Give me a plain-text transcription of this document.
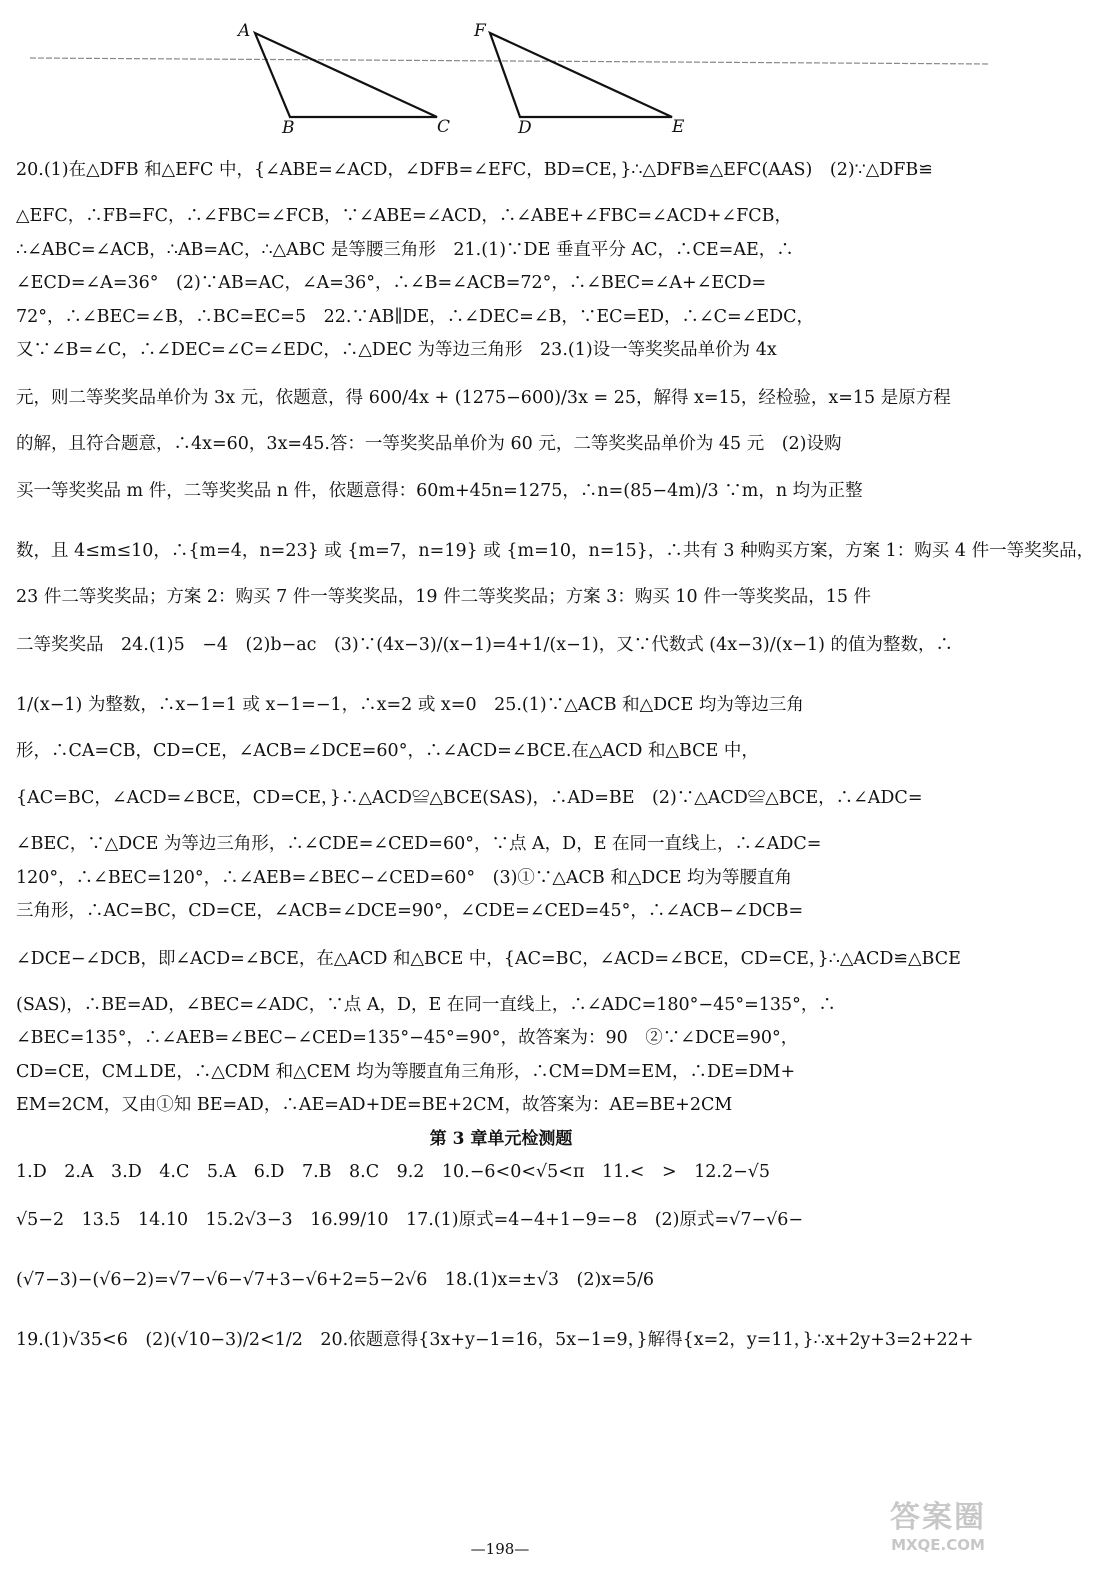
A
B	C
F
D	E
20.(1)在△DFB 和△EFC 中，{∠ABE=∠ACD，∠DFB=∠EFC，BD=CE，}∴△DFB≌△EFC(AAS)　(2)∵△DFB≌
△EFC，∴FB=FC，∴∠FBC=∠FCB，∵∠ABE=∠ACD，∴∠ABE+∠FBC=∠ACD+∠FCB，
∴∠ABC=∠ACB，∴AB=AC，∴△ABC 是等腰三角形　21.(1)∵DE 垂直平分 AC，∴CE=AE，∴
∠ECD=∠A=36°　(2)∵AB=AC，∠A=36°，∴∠B=∠ACB=72°，∴∠BEC=∠A+∠ECD=
72°，∴∠BEC=∠B，∴BC=EC=5　22.∵AB∥DE，∴∠DEC=∠B，∵EC=ED，∴∠C=∠EDC，
又∵∠B=∠C，∴∠DEC=∠C=∠EDC，∴△DEC 为等边三角形　23.(1)设一等奖奖品单价为 4x
元，则二等奖奖品单价为 3x 元，依题意，得 600/4x + (1275−600)/3x = 25，解得 x=15，经检验，x=15 是原方程
的解，且符合题意，∴4x=60，3x=45.答：一等奖奖品单价为 60 元，二等奖奖品单价为 45 元　(2)设购
买一等奖奖品 m 件，二等奖奖品 n 件，依题意得：60m+45n=1275，∴n=(85−4m)/3 ∵m，n 均为正整
数，且 4≤m≤10，∴{m=4，n=23} 或 {m=7，n=19} 或 {m=10，n=15}，∴共有 3 种购买方案，方案 1：购买 4 件一等奖奖品，
23 件二等奖奖品；方案 2：购买 7 件一等奖奖品，19 件二等奖奖品；方案 3：购买 10 件一等奖奖品，15 件
二等奖奖品　24.(1)5　−4　(2)b−ac　(3)∵(4x−3)/(x−1)=4+1/(x−1)，又∵代数式 (4x−3)/(x−1) 的值为整数，∴
1/(x−1) 为整数，∴x−1=1 或 x−1=−1，∴x=2 或 x=0　25.(1)∵△ACB 和△DCE 均为等边三角
形，∴CA=CB，CD=CE，∠ACB=∠DCE=60°，∴∠ACD=∠BCE.在△ACD 和△BCE 中，
{AC=BC，∠ACD=∠BCE，CD=CE，}∴△ACD≌△BCE(SAS)，∴AD=BE　(2)∵△ACD≌△BCE，∴∠ADC=
∠BEC，∵△DCE 为等边三角形，∴∠CDE=∠CED=60°，∵点 A，D，E 在同一直线上，∴∠ADC=
120°，∴∠BEC=120°，∴∠AEB=∠BEC−∠CED=60°　(3)①∵△ACB 和△DCE 均为等腰直角
三角形，∴AC=BC，CD=CE，∠ACB=∠DCE=90°，∠CDE=∠CED=45°，∴∠ACB−∠DCB=
∠DCE−∠DCB，即∠ACD=∠BCE，在△ACD 和△BCE 中，{AC=BC，∠ACD=∠BCE，CD=CE，}∴△ACD≌△BCE
(SAS)，∴BE=AD，∠BEC=∠ADC，∵点 A，D，E 在同一直线上，∴∠ADC=180°−45°=135°，∴
∠BEC=135°，∴∠AEB=∠BEC−∠CED=135°−45°=90°，故答案为：90　②∵∠DCE=90°，
CD=CE，CM⊥DE，∴△CDM 和△CEM 均为等腰直角三角形，∴CM=DM=EM，∴DE=DM+
EM=2CM，又由①知 BE=AD，∴AE=AD+DE=BE+2CM，故答案为：AE=BE+2CM
第 3 章单元检测题
1.D　2.A　3.D　4.C　5.A　6.D　7.B　8.C　9.2　10.−6<0<√5<π　11.<　>　12.2−√5
√5−2　13.5　14.10　15.2√3−3　16.99/10　17.(1)原式=4−4+1−9=−8　(2)原式=√7−√6−
(√7−3)−(√6−2)=√7−√6−√7+3−√6+2=5−2√6　18.(1)x=±√3　(2)x=5/6
19.(1)√35<6　(2)(√10−3)/2<1/2　20.依题意得{3x+y−1=16，5x−1=9，}解得{x=2，y=11，}∴x+2y+3=2+22+
—198—
答案圈
MXQE.COM
